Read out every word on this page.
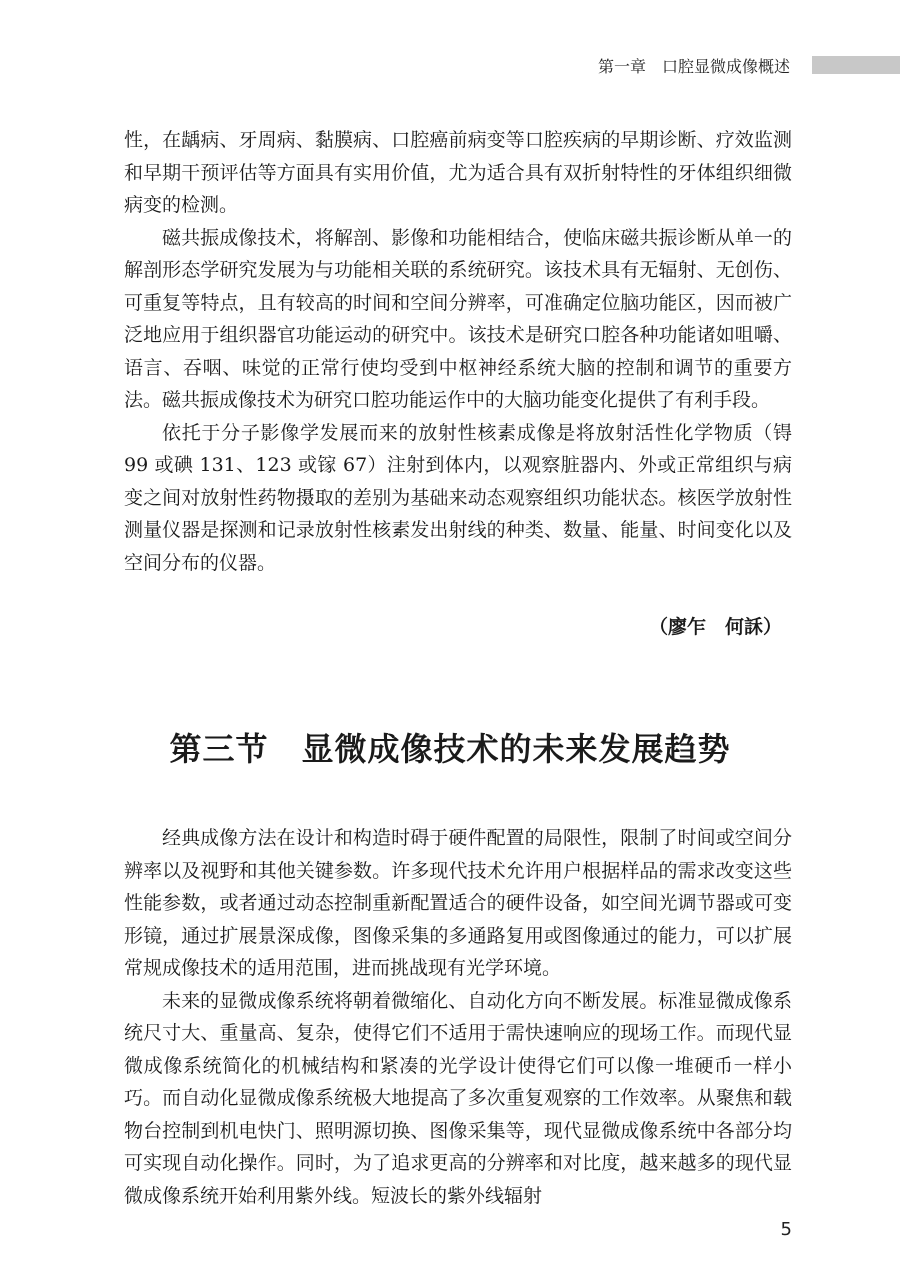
第一章　口腔显微成像概述

性，在龋病、牙周病、黏膜病、口腔癌前病变等口腔疾病的早期诊断、疗效监测和早期干预评估等方面具有实用价值，尤为适合具有双折射特性的牙体组织细微病变的检测。

磁共振成像技术，将解剖、影像和功能相结合，使临床磁共振诊断从单一的解剖形态学研究发展为与功能相关联的系统研究。该技术具有无辐射、无创伤、可重复等特点，且有较高的时间和空间分辨率，可准确定位脑功能区，因而被广泛地应用于组织器官功能运动的研究中。该技术是研究口腔各种功能诸如咀嚼、语言、吞咽、味觉的正常行使均受到中枢神经系统大脑的控制和调节的重要方法。磁共振成像技术为研究口腔功能运作中的大脑功能变化提供了有利手段。

依托于分子影像学发展而来的放射性核素成像是将放射活性化学物质（锝 99 或碘 131、123 或镓 67）注射到体内，以观察脏器内、外或正常组织与病变之间对放射性药物摄取的差别为基础来动态观察组织功能状态。核医学放射性测量仪器是探测和记录放射性核素发出射线的种类、数量、能量、时间变化以及空间分布的仪器。

（廖乍　何訸）
第三节　显微成像技术的未来发展趋势

经典成像方法在设计和构造时碍于硬件配置的局限性，限制了时间或空间分辨率以及视野和其他关键参数。许多现代技术允许用户根据样品的需求改变这些性能参数，或者通过动态控制重新配置适合的硬件设备，如空间光调节器或可变形镜，通过扩展景深成像，图像采集的多通路复用或图像通过的能力，可以扩展常规成像技术的适用范围，进而挑战现有光学环境。

未来的显微成像系统将朝着微缩化、自动化方向不断发展。标准显微成像系统尺寸大、重量高、复杂，使得它们不适用于需快速响应的现场工作。而现代显微成像系统简化的机械结构和紧凑的光学设计使得它们可以像一堆硬币一样小巧。而自动化显微成像系统极大地提高了多次重复观察的工作效率。从聚焦和载物台控制到机电快门、照明源切换、图像采集等，现代显微成像系统中各部分均可实现自动化操作。同时，为了追求更高的分辨率和对比度，越来越多的现代显微成像系统开始利用紫外线。短波长的紫外线辐射

5
